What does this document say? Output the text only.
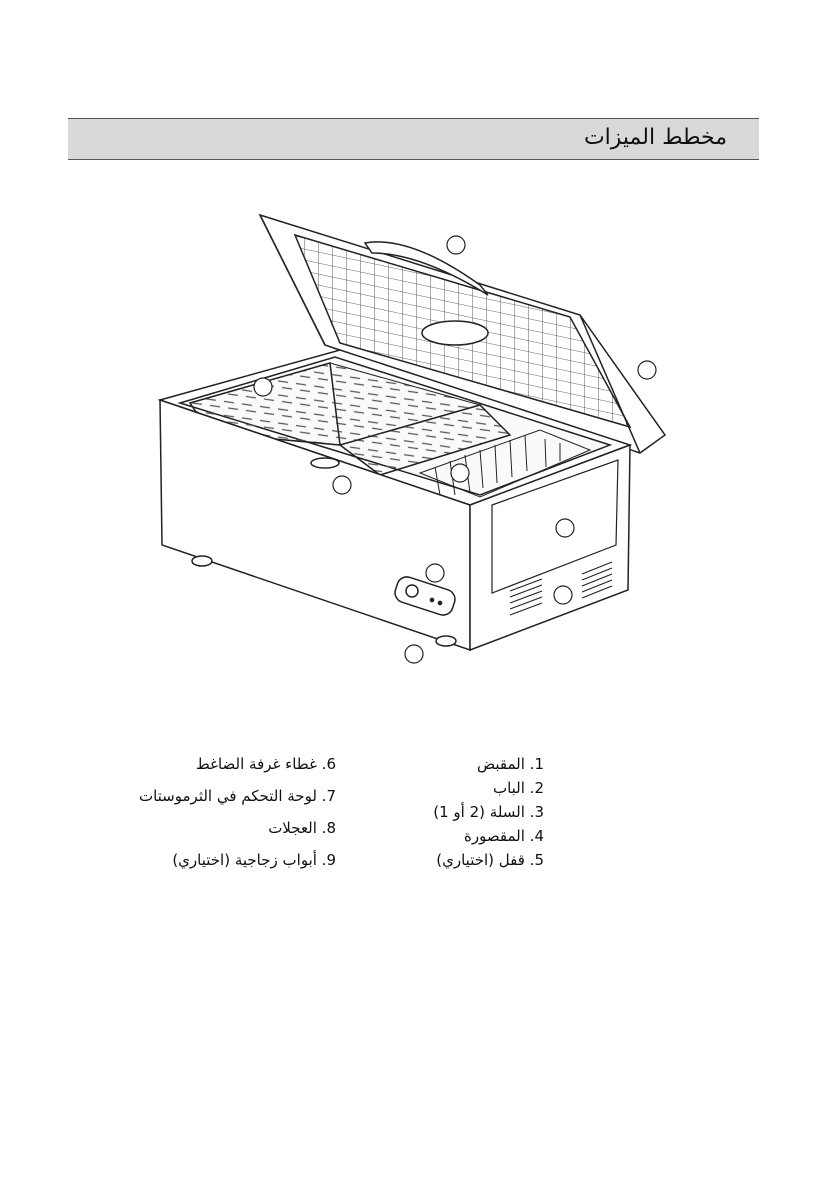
مخطط الميزات
1. المقبض
2. الباب
3. السلة (2 أو 1)
4. المقصورة
5. قفل (اختياري)
6. غطاء غرفة الضاغط
7. لوحة التحكم في الثرموستات
8. العجلات
9. أبواب زجاجية (اختياري)
